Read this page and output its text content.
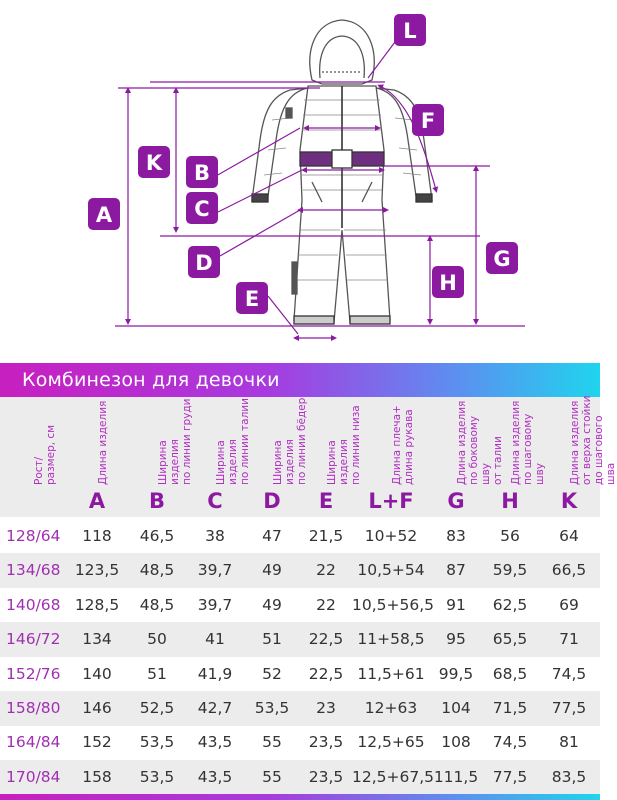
A
K B
C
D
E
L
F
H
G
Комбинезон для девочки
Рост/
размер, см	Длина изделия
A
Ширина изделия
по линии груди
B
Ширина изделия
по линии талии
C
Ширина изделия
по линии бёдер
D
Ширина изделия
по линии низа
E
Длина плеча+
длина рукава
L+F
Длина изделия
по боковому шву
от талии
G
Длина изделия
по шаговому шву
H
Длина изделия
от верха стойки
до шагового шва
K
128/64	118	46,5	38	47	21,5	10+52	83	56	64
134/68 123,5	48,5	39,7	49	22	10,5+54	87	59,5	66,5
140/68 128,5	48,5	39,7	49	22	10,5+56,5 91	62,5	69
146/72	134	50	41	51	22,5 11+58,5	95	65,5	71
152/76	140	51	41,9	52	22,5 11,5+61 99,5	68,5	74,5
158/80	146	52,5	42,7	53,5	23	12+63	104	71,5	77,5
164/84	152	53,5	43,5	55	23,5 12,5+65	108	74,5	81
170/84	158	53,5	43,5	55	23,5 12,5+67,5 111,5 77,5	83,5
